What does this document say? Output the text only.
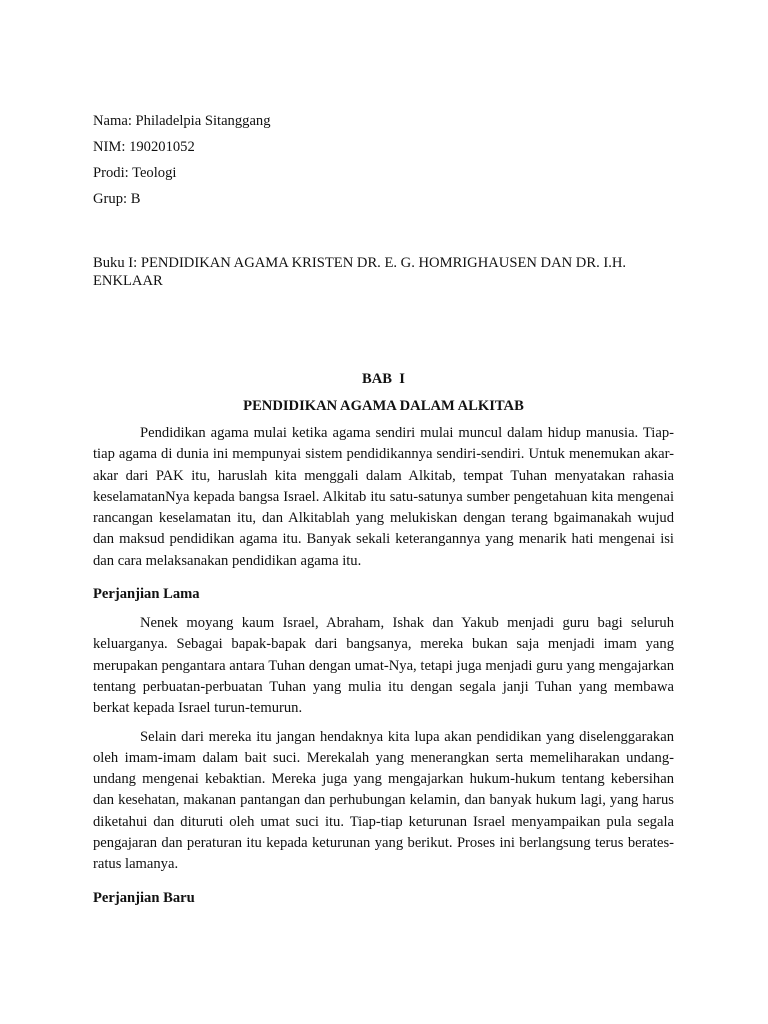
Nama: Philadelpia Sitanggang
NIM: 190201052
Prodi: Teologi
Grup: B
Buku I: PENDIDIKAN AGAMA KRISTEN DR. E. G. HOMRIGHAUSEN DAN DR. I.H. ENKLAAR
BAB  I
PENDIDIKAN AGAMA DALAM ALKITAB

Pendidikan agama mulai ketika agama sendiri mulai muncul dalam hidup manusia. Tiap-tiap agama di dunia ini mempunyai sistem pendidikannya sendiri-sendiri. Untuk menemukan akar-akar dari PAK itu, haruslah kita menggali dalam Alkitab, tempat Tuhan menyatakan rahasia keselamatanNya kepada bangsa Israel. Alkitab itu satu-satunya sumber pengetahuan kita mengenai rancangan keselamatan itu, dan Alkitablah yang melukiskan dengan terang bgaimanakah wujud dan maksud pendidikan agama itu. Banyak sekali keterangannya yang menarik hati mengenai isi dan cara melaksanakan pendidikan agama itu.

Perjanjian Lama

Nenek moyang kaum Israel, Abraham, Ishak dan Yakub menjadi guru bagi seluruh keluarganya. Sebagai bapak-bapak dari bangsanya, mereka bukan saja menjadi imam yang merupakan pengantara antara Tuhan dengan umat-Nya, tetapi juga menjadi guru yang mengajarkan tentang perbuatan-perbuatan Tuhan yang mulia itu dengan segala janji Tuhan yang membawa berkat kepada Israel turun-temurun.

Selain dari mereka itu jangan hendaknya kita lupa akan pendidikan yang diselenggarakan oleh imam-imam dalam bait suci. Merekalah yang menerangkan serta memeliharakan undang-undang mengenai kebaktian. Mereka juga yang mengajarkan hukum-hukum tentang kebersihan dan kesehatan, makanan pantangan dan perhubungan kelamin, dan banyak hukum lagi, yang harus diketahui dan dituruti oleh umat suci itu. Tiap-tiap keturunan Israel menyampaikan pula segala pengajaran dan peraturan itu kepada keturunan yang berikut. Proses ini berlangsung terus berates-ratus lamanya.

Perjanjian Baru
